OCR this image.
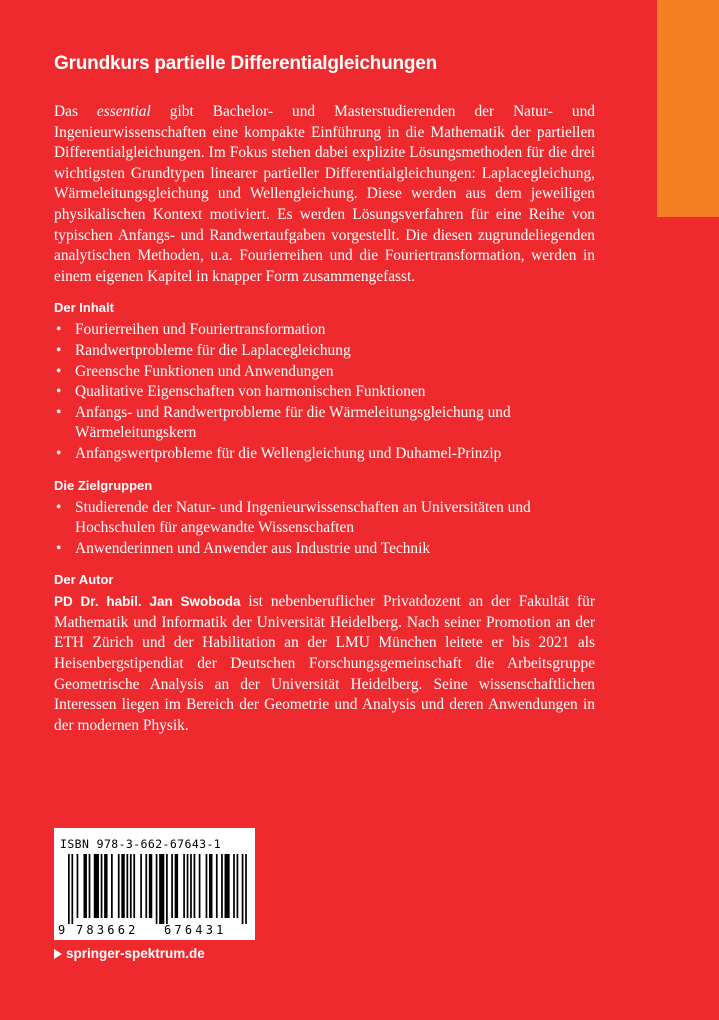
Grundkurs partielle Differentialgleichungen

Das essential gibt Bachelor- und Masterstudierenden der Natur- und Ingenieurwissenschaften eine kompakte Einführung in die Mathematik der partiellen Differentialgleichungen. Im Fokus stehen dabei explizite Lösungsmethoden für die drei wichtigsten Grundtypen linearer partieller Differentialgleichungen: Laplacegleichung, Wärmeleitungsgleichung und Wellengleichung. Diese werden aus dem jeweiligen physikalischen Kontext motiviert. Es werden Lösungsverfahren für eine Reihe von typischen Anfangs- und Randwertaufgaben vorgestellt. Die diesen zugrundeliegenden analytischen Methoden, u.a. Fourierreihen und die Fouriertransformation, werden in einem eigenen Kapitel in knapper Form zusammengefasst.

Der Inhalt
• Fourierreihen und Fouriertransformation
• Randwertprobleme für die Laplacegleichung
• Greensche Funktionen und Anwendungen
• Qualitative Eigenschaften von harmonischen Funktionen
• Anfangs- und Randwertprobleme für die Wärmeleitungsgleichung und Wärmeleitungskern
• Anfangswertprobleme für die Wellengleichung und Duhamel-Prinzip
Die Zielgruppen
• Studierende der Natur- und Ingenieurwissenschaften an Universitäten und Hochschulen für angewandte Wissenschaften
• Anwenderinnen und Anwender aus Industrie und Technik
Der Autor

PD Dr. habil. Jan Swoboda ist nebenberuflicher Privatdozent an der Fakultät für Mathematik und Informatik der Universität Heidelberg. Nach seiner Promotion an der ETH Zürich und der Habilitation an der LMU München leitete er bis 2021 als Heisenbergstipendiat der Deutschen Forschungsgemeinschaft die Arbeitsgruppe Geometrische Analysis an der Universität Heidelberg. Seine wissenschaftlichen Interessen liegen im Bereich der Geometrie und Analysis und deren Anwendungen in der modernen Physik.

ISBN 978-3-662-67643-1
9 783662 676431
springer-spektrum.de
